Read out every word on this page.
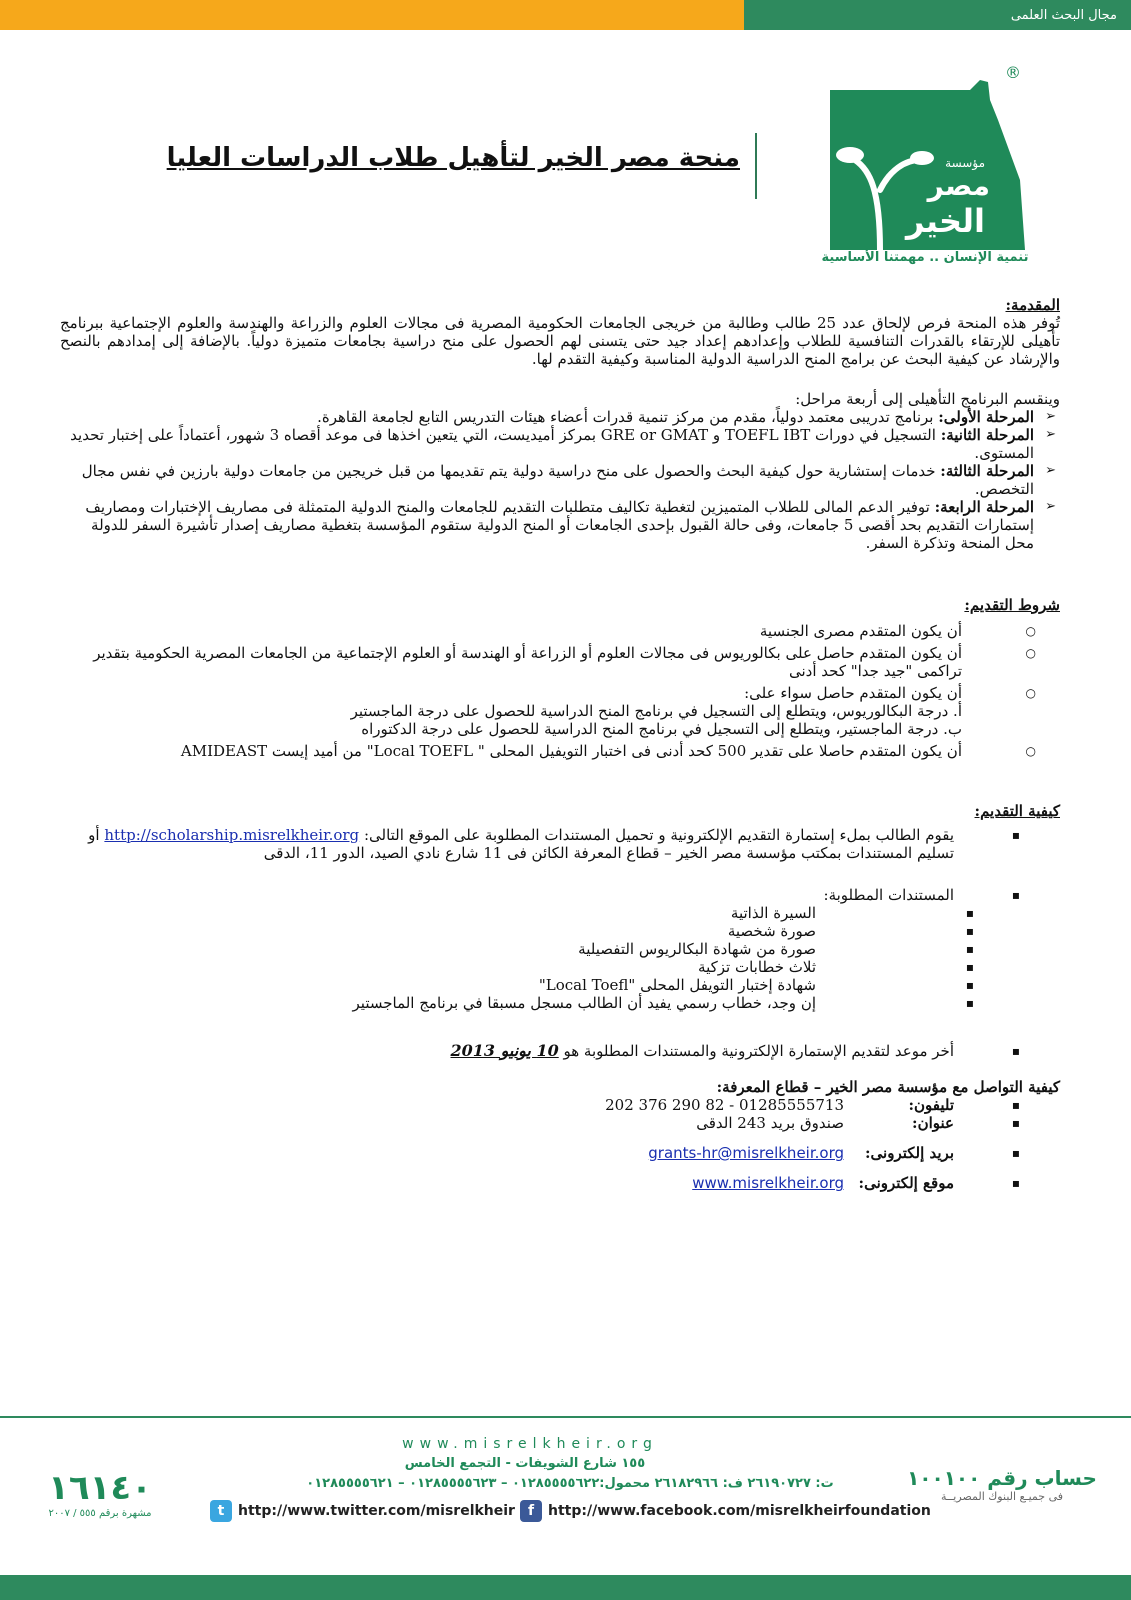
مجال البحث العلمى
مؤسسة
مصر
الخير
®
تنمية الإنسان .. مهمتنا الأساسية
منحة مصر الخير لتأهيل طلاب الدراسات العليا
المقدمة:
تُوفر هذه المنحة فرص لإلحاق عدد 25 طالب وطالبة من خريجى الجامعات الحكومية المصرية فى مجالات العلوم والزراعة والهندسة والعلوم الإجتماعية ببرنامج تأهيلى للإرتقاء بالقدرات التنافسية للطلاب وإعدادهم إعداد جيد حتى يتسنى لهم الحصول على منح دراسية بجامعات متميزة دولياً. بالإضافة إلى إمدادهم بالنصح والإرشاد عن كيفية البحث عن برامج المنح الدراسية الدولية المناسبة وكيفية التقدم لها.
وينقسم البرنامج التأهيلى إلى أربعة مراحل:
➢ المرحلة الأولى: برنامج تدريبى معتمد دولياً، مقدم من مركز تنمية قدرات أعضاء هيئات التدريس التابع لجامعة القاهرة.
➢ المرحلة الثانية: التسجيل في دورات TOEFL IBT و GRE or GMAT بمركز أميديست، التي يتعين اخذها فى موعد أقصاه 3 شهور، أعتماداً على إختبار تحديد المستوى.
➢ المرحلة الثالثة: خدمات إستشارية حول كيفية البحث والحصول على منح دراسية دولية يتم تقديمها من قبل خريجين من جامعات دولية بارزين في نفس مجال التخصص.
➢ المرحلة الرابعة: توفير الدعم المالى للطلاب المتميزين لتغطية تكاليف متطلبات التقديم للجامعات والمنح الدولية المتمثلة فى مصاريف الإختبارات ومصاريف إستمارات التقديم بحد أقصى 5 جامعات، وفى حالة القبول بإحدى الجامعات أو المنح الدولية ستقوم المؤسسة بتغطية مصاريف إصدار تأشيرة السفر للدولة محل المنحة وتذكرة السفر.
شروط التقديم:
○ أن يكون المتقدم مصرى الجنسية
○ أن يكون المتقدم حاصل على بكالوريوس فى مجالات العلوم أو الزراعة أو الهندسة أو العلوم الإجتماعية من الجامعات المصرية الحكومية بتقدير تراكمى "جيد جدا" كحد أدنى
○ أن يكون المتقدم حاصل سواء على:
أ. درجة البكالوريوس، ويتطلع إلى التسجيل في برنامج المنح الدراسية للحصول على درجة الماجستير
ب. درجة الماجستير، ويتطلع إلى التسجيل في برنامج المنح الدراسية للحصول على درجة الدكتوراه
○ أن يكون المتقدم حاصلا على تقدير 500 كحد أدنى فى اختبار التويفيل المحلى " Local TOEFL" من أميد إيست AMIDEAST
كيفية التقديم:
▪ يقوم الطالب بملء إستمارة التقديم الإلكترونية و تحميل المستندات المطلوبة على الموقع التالى: http://scholarship.misrelkheir.org أو
تسليم المستندات بمكتب مؤسسة مصر الخير – قطاع المعرفة الكائن فى 11 شارع نادي الصيد، الدور 11، الدقى
▪ المستندات المطلوبة:
▪ السيرة الذاتية
▪ صورة شخصية
▪ صورة من شهادة البكالريوس التفصيلية
▪ ثلاث خطابات تزكية
▪ شهادة إختبار التويفل المحلى "Local Toefl"
▪ إن وجد، خطاب رسمي يفيد أن الطالب مسجل مسبقا في برنامج الماجستير
▪ أخر موعد لتقديم الإستمارة الإلكترونية والمستندات المطلوبة هو 10 يونيو 2013
كيفية التواصل مع مؤسسة مصر الخير – قطاع المعرفة:
▪ تليفون:
202 376 290 82 - 01285555713
▪ عنوان:
صندوق بريد 243 الدقى
▪ بريد إلكترونى:
grants-hr@misrelkheir.org
▪ موقع إلكترونى:
www.misrelkheir.org
www.misrelkheir.org
١٥٥ شارع الشويفات - التجمع الخامس
ت: ٢٦١٩٠٧٢٧ ف: ٢٦١٨٢٩٦٦ محمول:٠١٢٨٥٥٥٥٦٢٢ – ٠١٢٨٥٥٥٥٦٢٣ – ٠١٢٨٥٥٥٥٦٢١
t http://www.twitter.com/misrelkheir f http://www.facebook.com/misrelkheirfoundation
١٦١٤٠
مشهرة برقم ٥٥٥ / ٢٠٠٧
حساب رقم ١٠٠١٠٠
فى جميـع البنوك المصريــة
